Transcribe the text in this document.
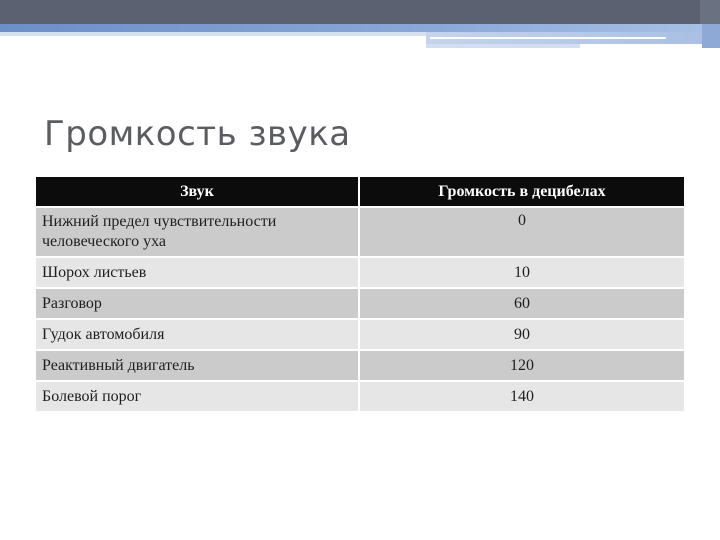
Громкость звука
Звук	Громкость в децибелах
Нижний предел чувствительности человеческого уха	0
Шорох листьев	10
Разговор	60
Гудок автомобиля	90
Реактивный двигатель	120
Болевой порог	140
